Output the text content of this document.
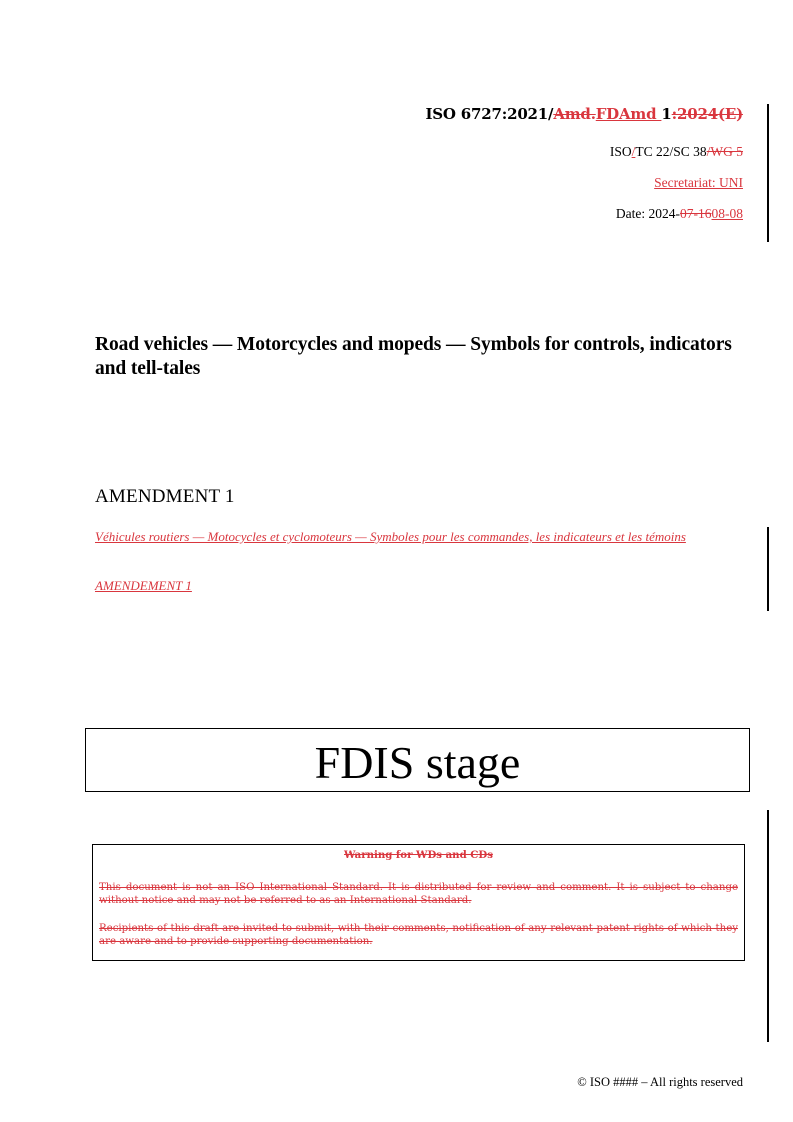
ISO 6727:2021/Amd.FDAmd 1:2024(E)
ISO/TC 22/SC 38/WG 5
Secretariat: UNI
Date: 2024-07-1608-08
Road vehicles — Motorcycles and mopeds — Symbols for controls, indicators and tell-tales
AMENDMENT 1
Véhicules routiers — Motocycles et cyclomoteurs — Symboles pour les commandes, les indicateurs et les témoins
AMENDEMENT 1
FDIS stage

Warning for WDs and CDs

This document is not an ISO International Standard. It is distributed for review and comment. It is subject to change without notice and may not be referred to as an International Standard.

Recipients of this draft are invited to submit, with their comments, notification of any relevant patent rights of which they are aware and to provide supporting documentation.

© ISO #### – All rights reserved
